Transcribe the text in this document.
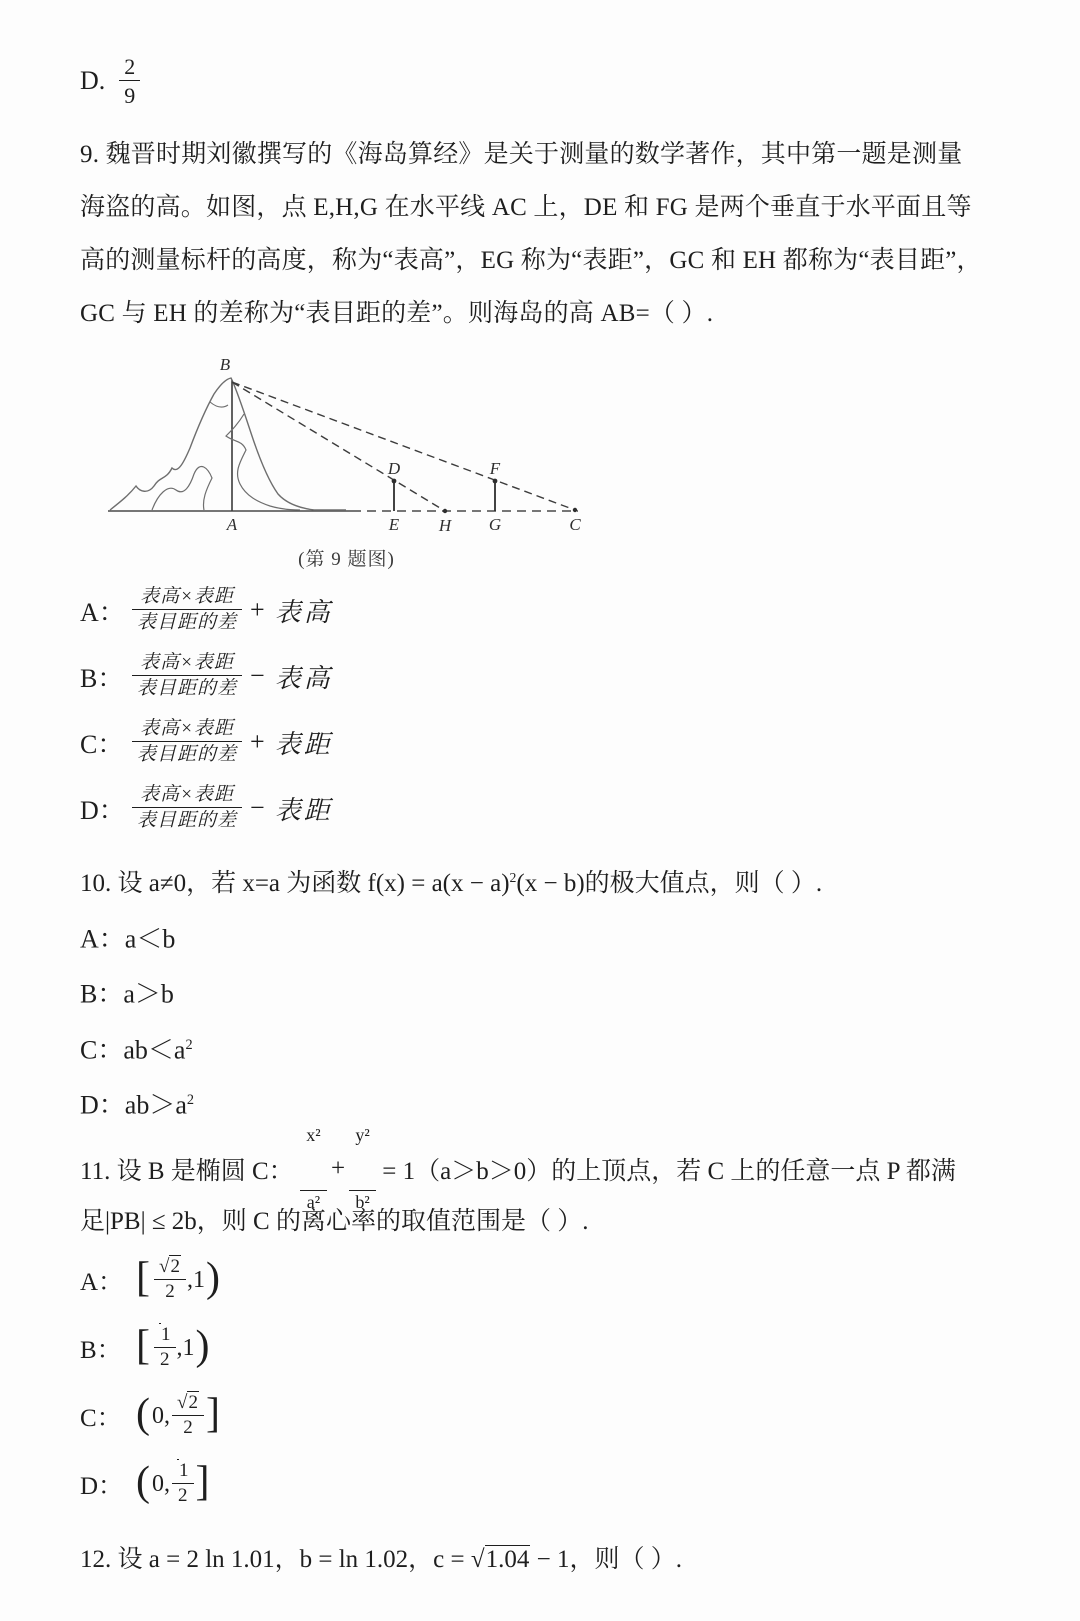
D. $\frac{2}{9}$
9. 魏晋时期刘徽撰写的《海岛算经》是关于测量的数学著作，其中第一题是测量
海盗的高。如图，点 E,H,G 在水平线 AC 上，DE 和 FG 是两个垂直于水平面且等
高的测量标杆的高度，称为“表高”，EG 称为“表距”，GC 和 EH 都称为“表目距”，
GC 与 EH 的差称为“表目距的差”。则海岛的高 AB=（ ）.
B
A
D
E H
F
G	C
(第 9 题图)
A： $\frac{\text{表高×表距}}{\text{表目距的差}}$ + 表高
B： $\frac{\text{表高×表距}}{\text{表目距的差}}$ − 表高
C： $\frac{\text{表高×表距}}{\text{表目距的差}}$ + 表距
D： $\frac{\text{表高×表距}}{\text{表目距的差}}$ − 表距
10. 设 a≠0，若 x=a 为函数 $f(x) = a(x - a)^2(x - b)$的极大值点，则（ ）.
A：a＜b
B：a＞b
C：$ab<a^2$
D：$ab>a^2$
11. 设 B 是椭圆 C：

$\frac{\text{x²}}{\text{a²}}$

+

$\frac{\text{y²}}{\text{b²}}$

= 1（a＞b＞0）的上顶点，若 C 上的任意一点 P 都满
足|PB| ≤ 2b，则 C 的离心率的取值范围是（ ）.
A： [ $\frac{√2}{2} ,1$ )
B： [ $\frac{1}{2} ,1$ )
C： ( 0, $\frac{√2}{2}$ ]
D： ( 0, $\frac{1}{2}$ ]
12. 设 a = 2 ln 1.01，b = ln 1.02，c = √1.04 − 1，则（ ）.
